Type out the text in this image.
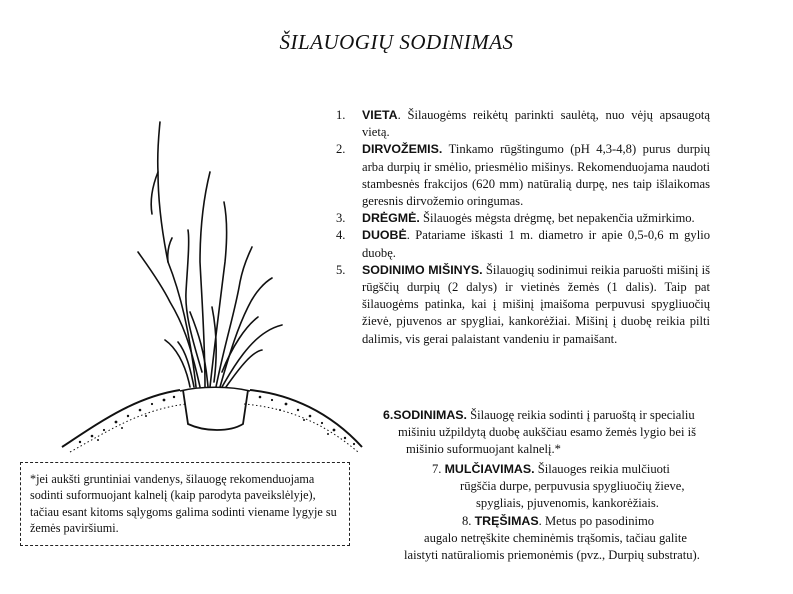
ŠILAUOGIŲ SODINIMAS
1. VIETA. Šilauogėms reikėtų parinkti saulėtą, nuo vėjų apsaugotą vietą.
2. DIRVOŽEMIS. Tinkamo rūgštingumo (pH 4,3-4,8) purus durpių arba durpių ir smėlio, priesmėlio mišinys. Rekomenduojama naudoti stambesnės frakcijos (620 mm) natūralią durpę, nes taip išlaikomas geresnis dirvožemio oringumas.
3. DRĖGMĖ. Šilauogės mėgsta drėgmę, bet nepakenčia užmirkimo.
4. DUOBĖ. Patariame iškasti 1 m. diametro ir apie 0,5-0,6 m gylio duobę.
5. SODINIMO MIŠINYS. Šilauogių sodinimui reikia paruošti mišinį iš rūgščių durpių (2 dalys) ir vietinės žemės (1 dalis). Taip pat šilauogėms patinka, kai į mišinį įmaišoma perpuvusi spygliuočių žievė, pjuvenos ar spygliai, kankorėžiai. Mišinį į duobę reikia pilti dalimis, vis gerai palaistant vandeniu ir pamaišant.
6.SODINIMAS. Šilauogę reikia sodinti į paruoštą ir specialiu
mišiniu užpildytą duobę aukščiau esamo žemės lygio bei iš
mišinio suformuojant kalnelį.*
7. MULČIAVIMAS. Šilauoges reikia mulčiuoti
rūgščia durpe, perpuvusia spygliuočių žieve,
spygliais, pjuvenomis, kankorėžiais.
8. TRĘŠIMAS. Metus po pasodinimo
augalo netręškite cheminėmis trąšomis, tačiau galite
laistyti natūraliomis priemonėmis (pvz., Durpių substratu).
*jei aukšti gruntiniai vandenys, šilauogę rekomenduojama sodinti suformuojant kalnelį (kaip parodyta paveikslėlyje), tačiau esant kitoms sąlygoms galima sodinti viename lygyje su žemės paviršiumi.
